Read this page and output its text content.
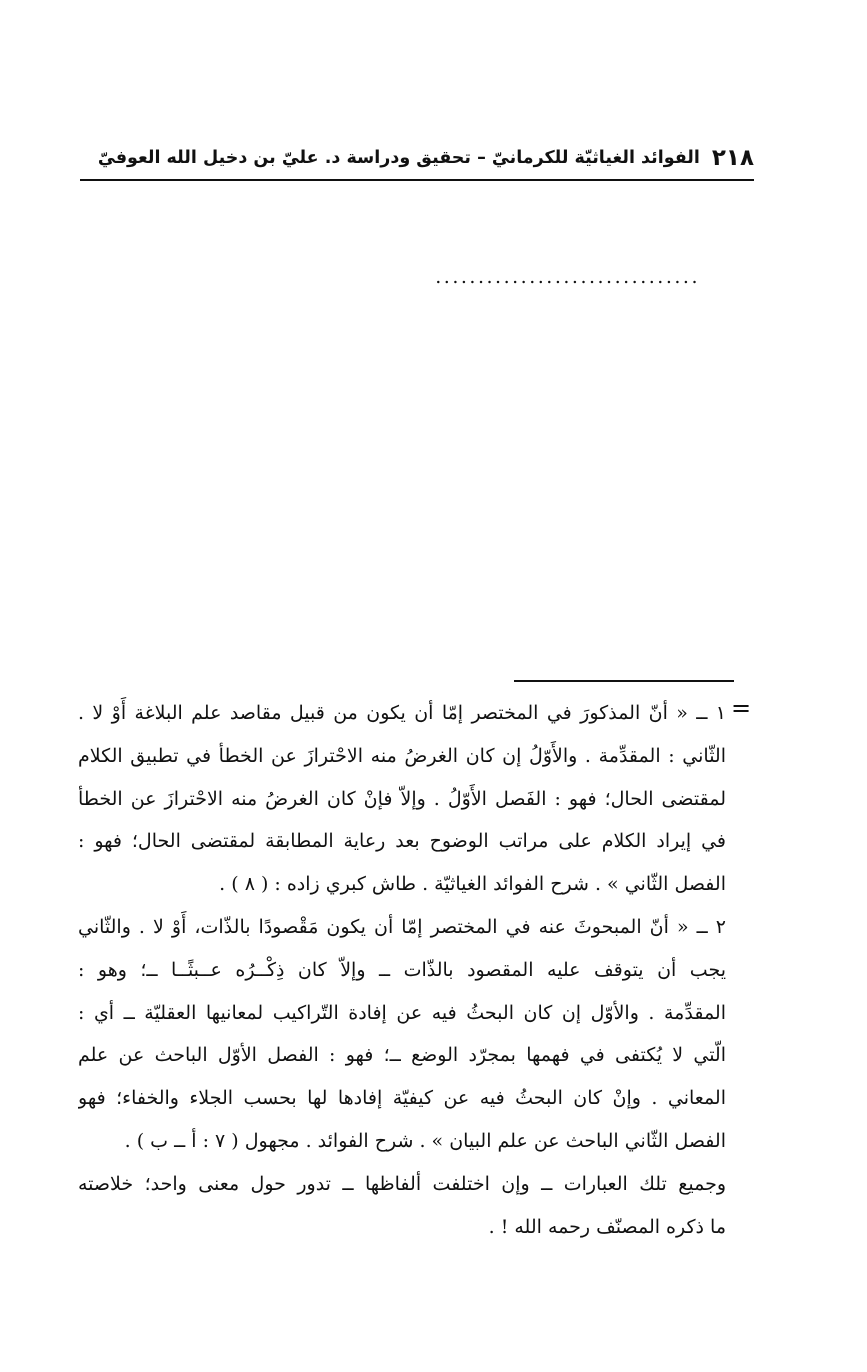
٢١٨
الفوائد الغياثيّة للكرمانيّ – تحقيق ودراسة د. عليّ بن دخيل الله العوفيّ
...............................
=
١ ــ « أنّ المذكورَ في المختصر إمّا أن يكون من قبيل مقاصد علم البلاغة أَوْ لا .
الثّاني : المقدِّمة . والأَوّلُ إن كان الغرضُ منه الاحْترازَ عن الخطأ في تطبيق الكلام
لمقتضى الحال؛ فهو : الفَصل الأَوّلُ . وإلاّ فإنْ كان الغرضُ منه الاحْترازَ عن الخطأ
في إيراد الكلام على مراتب الوضوح بعد رعاية المطابقة لمقتضى الحال؛ فهو :
الفصل الثّاني » . شرح الفوائد الغياثيّة . طاش كبري زاده : ( ٨ ) .
٢ ــ « أنّ المبحوثَ عنه في المختصر إمّا أن يكون مَقْصودًا بالذّات، أَوْ لا . والثّاني
يجب أن يتوقف عليه المقصود بالذّات ــ وإلاّ كان ذِكْــرُه عــبثًــا ــ؛ وهو :
المقدِّمة . والأوّل إن كان البحثُ فيه عن إفادة التّراكيب لمعانيها العقليّة ــ أي :
الّتي لا يُكتفى في فهمها بمجرّد الوضع ــ؛ فهو : الفصل الأوّل الباحث عن علم
المعاني . وإنْ كان البحثُ فيه عن كيفيّة إفادها لها بحسب الجلاء والخفاء؛ فهو
الفصل الثّاني الباحث عن علم البيان » . شرح الفوائد . مجهول ( ٧ : أ ــ ب ) .
وجميع تلك العبارات ــ وإن اختلفت ألفاظها ــ تدور حول معنى واحد؛ خلاصته
ما ذكره المصنّف رحمه الله ! .
